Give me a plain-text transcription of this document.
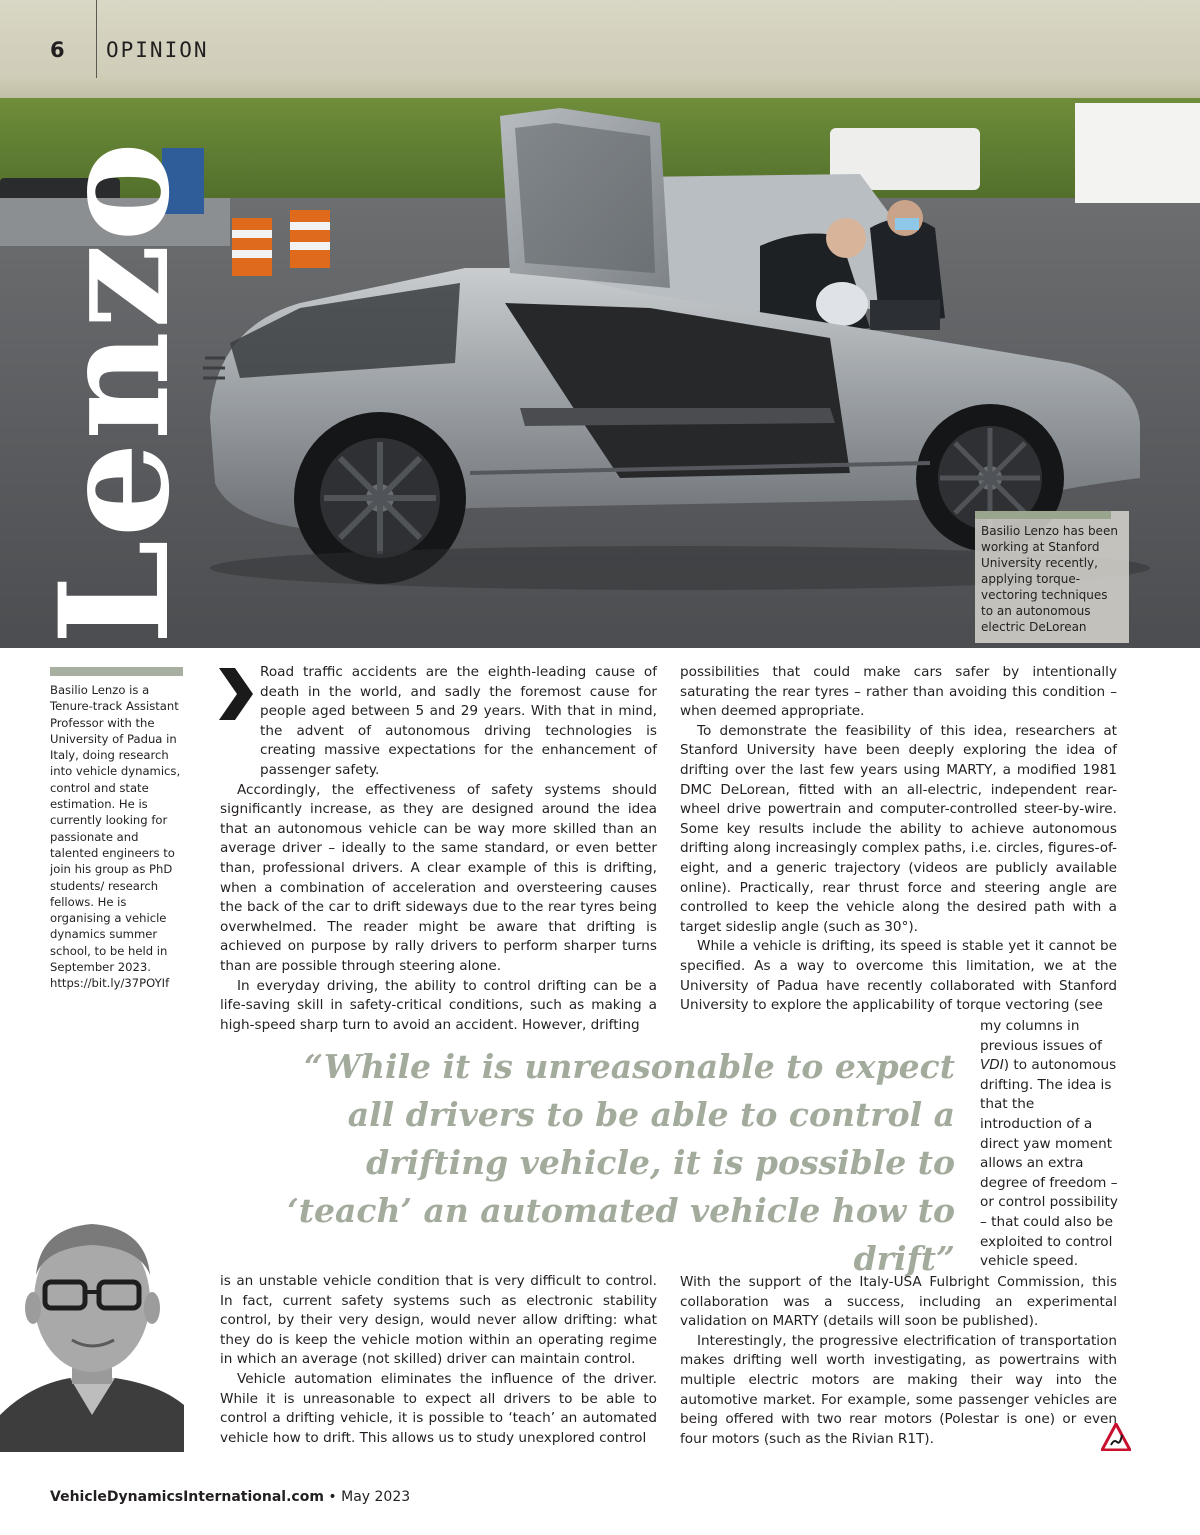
6 OPINION
Lenzo	Basilio Lenzo has been working at Stanford University recently, applying torque-vectoring techniques to an autonomous electric DeLorean
Basilio Lenzo is a Tenure-track Assistant Professor with the University of Padua in Italy, doing research into vehicle dynamics, control and state estimation. He is currently looking for passionate and talented engineers to join his group as PhD students/ research fellows. He is organising a vehicle dynamics summer school, to be held in September 2023. https://bit.ly/37POYIf

Road traffic accidents are the eighth-leading cause of death in the world, and sadly the foremost cause for people aged between 5 and 29 years. With that in mind, the advent of autonomous driving technologies is creating massive expectations for the enhancement of passenger safety.

Accordingly, the effectiveness of safety systems should significantly increase, as they are designed around the idea that an autonomous vehicle can be way more skilled than an average driver – ideally to the same standard, or even better than, professional drivers. A clear example of this is drifting, when a combination of acceleration and oversteering causes the back of the car to drift sideways due to the rear tyres being overwhelmed. The reader might be aware that drifting is achieved on purpose by rally drivers to perform sharper turns than are possible through steering alone.

In everyday driving, the ability to control drifting can be a life-saving skill in safety-critical conditions, such as making a high-speed sharp turn to avoid an accident. However, drifting

possibilities that could make cars safer by intentionally saturating the rear tyres – rather than avoiding this condition – when deemed appropriate.

To demonstrate the feasibility of this idea, researchers at Stanford University have been deeply exploring the idea of drifting over the last few years using MARTY, a modified 1981 DMC DeLorean, fitted with an all-electric, independent rear-wheel drive powertrain and computer-controlled steer-by-wire. Some key results include the ability to achieve autonomous drifting along increasingly complex paths, i.e. circles, figures-of-eight, and a generic trajectory (videos are publicly available online). Practically, rear thrust force and steering angle are controlled to keep the vehicle along the desired path with a target sideslip angle (such as 30°).

While a vehicle is drifting, its speed is stable yet it cannot be specified. As a way to overcome this limitation, we at the University of Padua have recently collaborated with Stanford University to explore the applicability of torque vectoring (see

my columns in previous issues of VDI) to autonomous drifting. The idea is that the introduction of a direct yaw moment allows an extra degree of freedom – or control possibility – that could also be exploited to control vehicle speed.
“While it is unreasonable to expect all drivers to be able to control a drifting vehicle, it is possible to ‘teach’ an automated vehicle how to drift”

is an unstable vehicle condition that is very difficult to control. In fact, current safety systems such as electronic stability control, by their very design, would never allow drifting: what they do is keep the vehicle motion within an operating regime in which an average (not skilled) driver can maintain control.

Vehicle automation eliminates the influence of the driver. While it is unreasonable to expect all drivers to be able to control a drifting vehicle, it is possible to ‘teach’ an automated vehicle how to drift. This allows us to study unexplored control

With the support of the Italy-USA Fulbright Commission, this collaboration was a success, including an experimental validation on MARTY (details will soon be published).

Interestingly, the progressive electrification of transportation makes drifting well worth investigating, as powertrains with multiple electric motors are making their way into the automotive market. For example, some passenger vehicles are being offered with two rear motors (Polestar is one) or even four motors (such as the Rivian R1T).

VehicleDynamicsInternational.com • May 2023
